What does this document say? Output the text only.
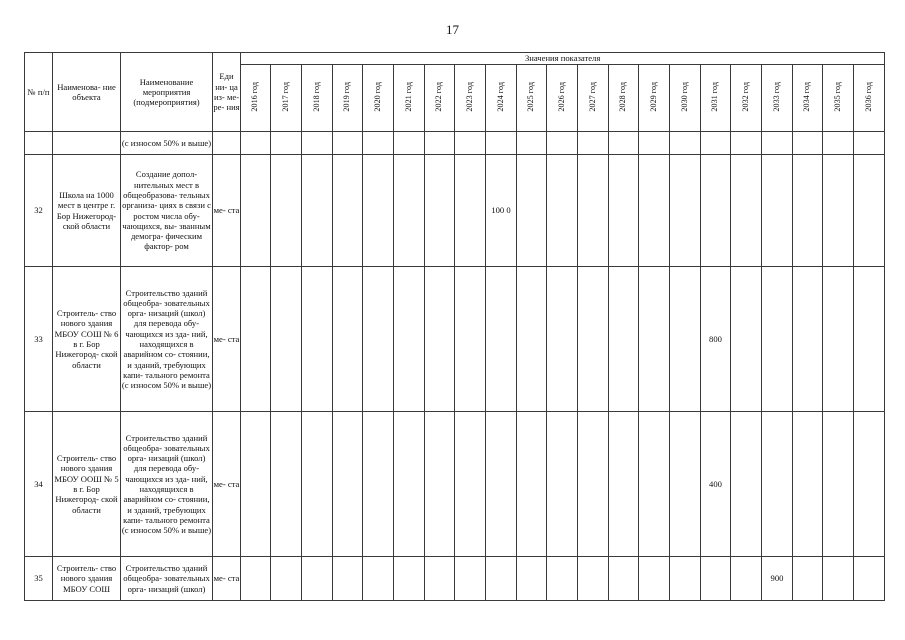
17
№ п/п	Наименова- ние объекта	Наименование мероприятия (подмероприятия)	Еди ни- ца из- ме- ре- ния	Значения показателя																				
				2016 год	2017 год	2018 год	2019 год	2020 год	2021 год	2022 год	2023 год	2024 год	2025 год	2026 год	2027 год	2028 год	2029 год	2030 год	2031 год	2032 год	2033 год	2034 год	2035 год	2036 год
		(с износом 50% и выше)																						
32	Школа на 1000 мест в центре г. Бор Нижегород- ской области	Создание допол- нительных мест в общеобразова- тельных организа- циях в связи с ростом числа обу- чающихся, вы- званным демогра- фическим фактор- ром	ме- ста									100 0												
33	Строитель- ство нового здания МБОУ СОШ № 6 в г. Бор Нижегород- ской области	Строительство зданий общеобра- зовательных орга- низаций (школ) для перевода обу- чающихся из зда- ний, находящихся в аварийном со- стоянии, и зданий, требующих капи- тального ремонта (с износом 50% и выше)	ме- ста																800					
34	Строитель- ство нового здания МБОУ ООШ № 5 в г. Бор Нижегород- ской области	Строительство зданий общеобра- зовательных орга- низаций (школ) для перевода обу- чающихся из зда- ний, находящихся в аварийном со- стоянии, и зданий, требующих капи- тального ремонта (с износом 50% и выше)	ме- ста																400					
35	Строитель- ство нового здания МБОУ СОШ	Строительство зданий общеобра- зовательных орга- низаций (школ)	ме- ста																		900			
